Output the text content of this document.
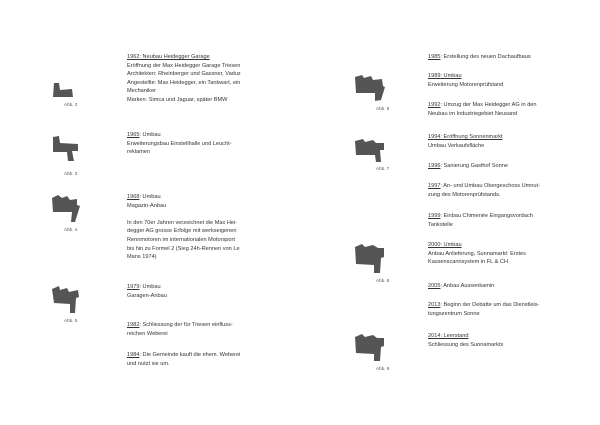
Abb. 2
Abb. 3
Abb. 4
Abb. 5
Abb. 6
Abb. 7
Abb. 8
Abb. 9
1962: Neubau Heidegger Garage
Eröffnung der Max Heidegger Garage Triesen
Architekten: Rheinberger und Gassner, Vaduz
Angestellte: Max Heidegger, ein Tankwart, ein Mechaniker
Marken: Simca und Jaguar, später BMW
1965: Umbau
Erweiterungsbau Einstellhalle und Leucht-
reklamen
1968: Umbau
Magazin-Anbau
In den 70er Jahren verzeichnet die Max Hei-
degger AG grosse Erfolge mit werkseigenen
Rennmotoren im internationalen Motorsport
bis hin zu Formel 2 (Sieg 24h-Rennen von Le
Mans 1974)
1979: Umbau
Garagen-Anbau
1982: Schliessung der für Triesen einfluss-
reichen Weberei
1984: Die Gemeinde kauft die ehem. Weberei
und nutzt sie um.
1985: Erstellung des neuen Dachaufbaus
1989: Umbau
Erweiterung Motorenprüfstand
1992: Umzug der Max Heidegger AG in den
Neubau im Industriegebiet Neusand
1994: Eröffnung Sonnenmarkt
Umbau Verkaufsfläche
1996: Sanierung Gasthof Sonne
1997: An- und Umbau Obergeschoss Umnut-
zung des Motorenprüfstands.
1999: Einbau Chimenée Eingangsvordach
Tankstelle
2000: Umbau
Anbau Anlieferung, Sunnamarkt: Erstes
Kassenscannsystem in FL & CH
2005: Anbau Aussenkamin
2013: Beginn der Debatte um das Dienstleis-
tungszentrum Sonne
2014: Leerstand
Schliessung des Sunnamarkts
